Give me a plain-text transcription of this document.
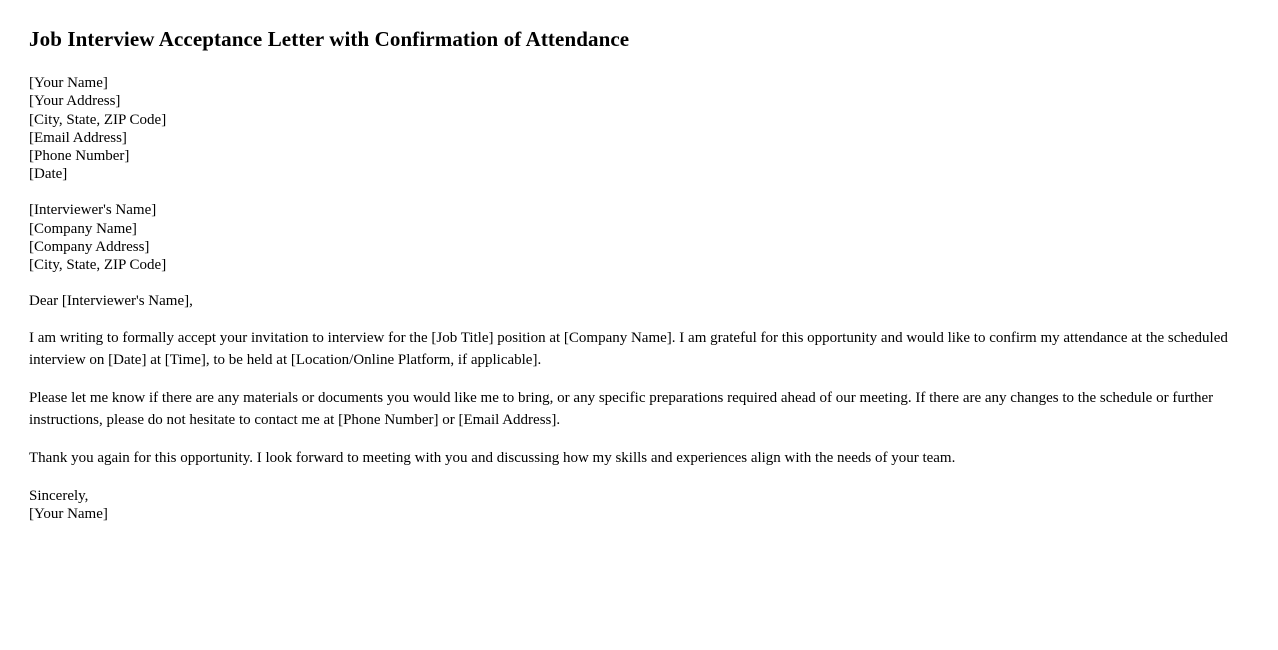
Job Interview Acceptance Letter with Confirmation of Attendance
[Your Name]
[Your Address]
[City, State, ZIP Code]
[Email Address]
[Phone Number]
[Date]
[Interviewer's Name]
[Company Name]
[Company Address]
[City, State, ZIP Code]

Dear [Interviewer's Name],

I am writing to formally accept your invitation to interview for the [Job Title] position at [Company Name]. I am grateful for this opportunity and would like to confirm my attendance at the scheduled interview on [Date] at [Time], to be held at [Location/Online Platform, if applicable].

Please let me know if there are any materials or documents you would like me to bring, or any specific preparations required ahead of our meeting. If there are any changes to the schedule or further instructions, please do not hesitate to contact me at [Phone Number] or [Email Address].

Thank you again for this opportunity. I look forward to meeting with you and discussing how my skills and experiences align with the needs of your team.

Sincerely,
[Your Name]
